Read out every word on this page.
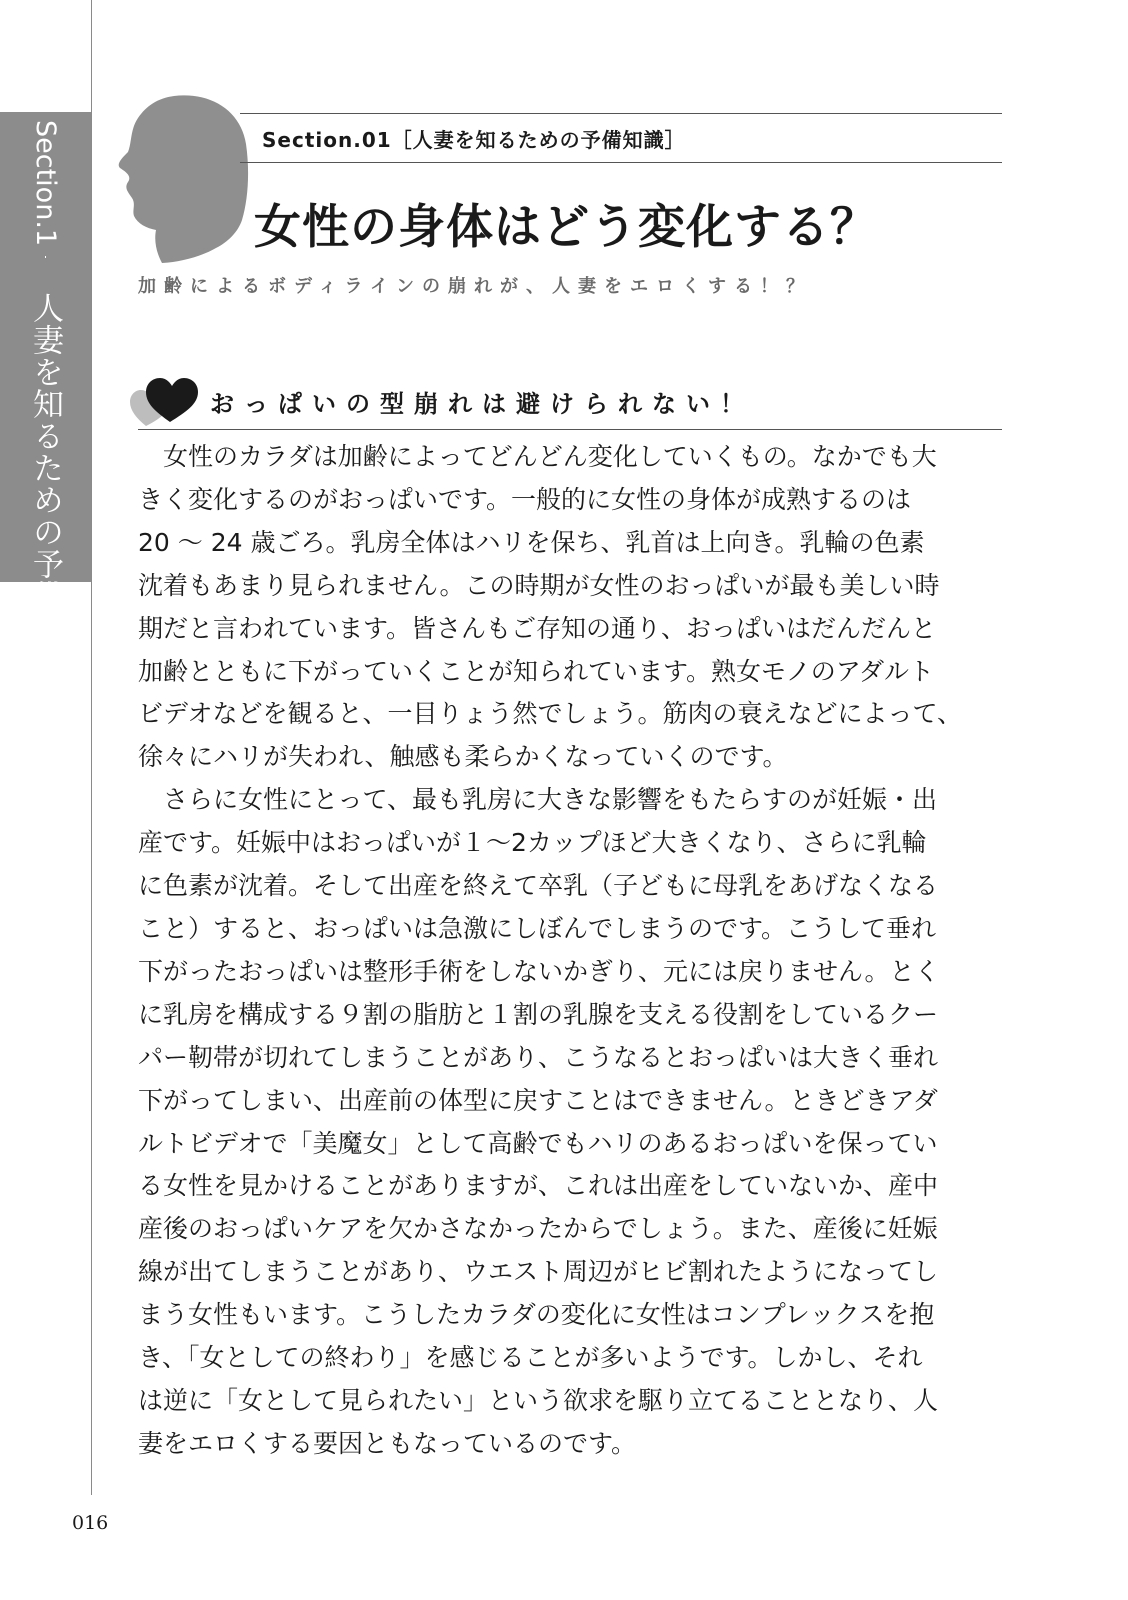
Section.1
人妻を知るための予備知識
Section.01［人妻を知るための予備知識］
女性の身体はどう変化する？
加齢によるボディラインの崩れが、人妻をエロくする！？
おっぱいの型崩れは避けられない！
　女性のカラダは加齢によってどんどん変化していくもの。なかでも大
きく変化するのがおっぱいです。一般的に女性の身体が成熟するのは
20 ～ 24 歳ごろ。乳房全体はハリを保ち、乳首は上向き。乳輪の色素
沈着もあまり見られません。この時期が女性のおっぱいが最も美しい時
期だと言われています。皆さんもご存知の通り、おっぱいはだんだんと
加齢とともに下がっていくことが知られています。熟女モノのアダルト
ビデオなどを観ると、一目りょう然でしょう。筋肉の衰えなどによって、
徐々にハリが失われ、触感も柔らかくなっていくのです。
　さらに女性にとって、最も乳房に大きな影響をもたらすのが妊娠・出
産です。妊娠中はおっぱいが１～2カップほど大きくなり、さらに乳輪
に色素が沈着。そして出産を終えて卒乳（子どもに母乳をあげなくなる
こと）すると、おっぱいは急激にしぼんでしまうのです。こうして垂れ
下がったおっぱいは整形手術をしないかぎり、元には戻りません。とく
に乳房を構成する９割の脂肪と１割の乳腺を支える役割をしているクー
パー靭帯が切れてしまうことがあり、こうなるとおっぱいは大きく垂れ
下がってしまい、出産前の体型に戻すことはできません。ときどきアダ
ルトビデオで「美魔女」として高齢でもハリのあるおっぱいを保ってい
る女性を見かけることがありますが、これは出産をしていないか、産中
産後のおっぱいケアを欠かさなかったからでしょう。また、産後に妊娠
線が出てしまうことがあり、ウエスト周辺がヒビ割れたようになってし
まう女性もいます。こうしたカラダの変化に女性はコンプレックスを抱
き、「女としての終わり」を感じることが多いようです。しかし、それ
は逆に「女として見られたい」という欲求を駆り立てることとなり、人
妻をエロくする要因ともなっているのです。
016
